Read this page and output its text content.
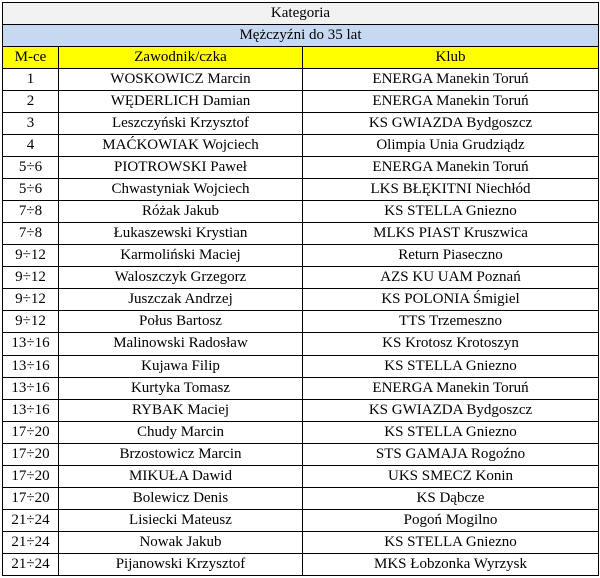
Kategoria		
Mężczyźni do 35 lat		
M-ce	Zawodnik/czka	Klub
1	WOSKOWICZ Marcin	ENERGA Manekin Toruń
2	WĘDERLICH Damian	ENERGA Manekin Toruń
3	Leszczyński Krzysztof	KS GWIAZDA Bydgoszcz
4	MAĆKOWIAK Wojciech	Olimpia Unia Grudziądz
5÷6	PIOTROWSKI Paweł	ENERGA Manekin Toruń
5÷6	Chwastyniak Wojciech	LKS BŁĘKITNI Niechłód
7÷8	Różak Jakub	KS STELLA Gniezno
7÷8	Łukaszewski Krystian	MLKS PIAST Kruszwica
9÷12	Karmoliński Maciej	Return Piaseczno
9÷12	Waloszczyk Grzegorz	AZS KU UAM Poznań
9÷12	Juszczak Andrzej	KS POLONIA Śmigiel
9÷12	Połus Bartosz	TTS Trzemeszno
13÷16	Malinowski Radosław	KS Krotosz Krotoszyn
13÷16	Kujawa Filip	KS STELLA Gniezno
13÷16	Kurtyka Tomasz	ENERGA Manekin Toruń
13÷16	RYBAK Maciej	KS GWIAZDA Bydgoszcz
17÷20	Chudy Marcin	KS STELLA Gniezno
17÷20	Brzostowicz Marcin	STS GAMAJA Rogoźno
17÷20	MIKUŁA Dawid	UKS SMECZ Konin
17÷20	Bolewicz Denis	KS Dąbcze
21÷24	Lisiecki Mateusz	Pogoń Mogilno
21÷24	Nowak Jakub	KS STELLA Gniezno
21÷24	Pijanowski Krzysztof	MKS Łobzonka Wyrzysk
